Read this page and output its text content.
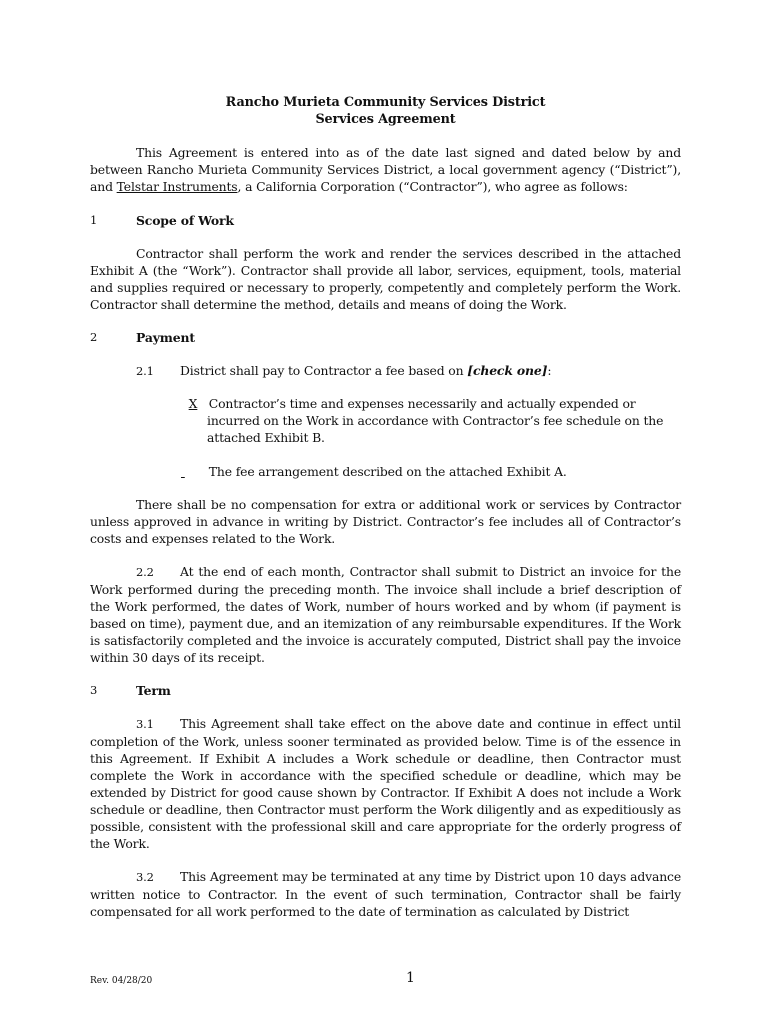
Rancho Murieta Community Services District
Services Agreement

This Agreement is entered into as of the date last signed and dated below by and between Rancho Murieta Community Services District, a local government agency (“District”), and Telstar Instruments, a California Corporation (“Contractor”), who agree as follows:

1	Scope of Work

Contractor shall perform the work and render the services described in the attached Exhibit A (the “Work”). Contractor shall provide all labor, services, equipment, tools, material and supplies required or necessary to properly, competently and completely perform the Work. Contractor shall determine the method, details and means of doing the Work.

2	Payment

2.1 District shall pay to Contractor a fee based on [check one]:

X Contractor’s time and expenses necessarily and actually expended or incurred on the Work in accordance with Contractor’s fee schedule on the attached Exhibit B.
The fee arrangement described on the attached Exhibit A.

There shall be no compensation for extra or additional work or services by Contractor unless approved in advance in writing by District. Contractor’s fee includes all of Contractor’s costs and expenses related to the Work.

2.2 At the end of each month, Contractor shall submit to District an invoice for the Work performed during the preceding month. The invoice shall include a brief description of the Work performed, the dates of Work, number of hours worked and by whom (if payment is based on time), payment due, and an itemization of any reimbursable expenditures. If the Work is satisfactorily completed and the invoice is accurately computed, District shall pay the invoice within 30 days of its receipt.

3	Term

3.1 This Agreement shall take effect on the above date and continue in effect until completion of the Work, unless sooner terminated as provided below. Time is of the essence in this Agreement. If Exhibit A includes a Work schedule or deadline, then Contractor must complete the Work in accordance with the specified schedule or deadline, which may be extended by District for good cause shown by Contractor. If Exhibit A does not include a Work schedule or deadline, then Contractor must perform the Work diligently and as expeditiously as possible, consistent with the professional skill and care appropriate for the orderly progress of the Work.

3.2 This Agreement may be terminated at any time by District upon 10 days advance written notice to Contractor. In the event of such termination, Contractor shall be fairly compensated for all work performed to the date of termination as calculated by District

Rev. 04/28/20	1
